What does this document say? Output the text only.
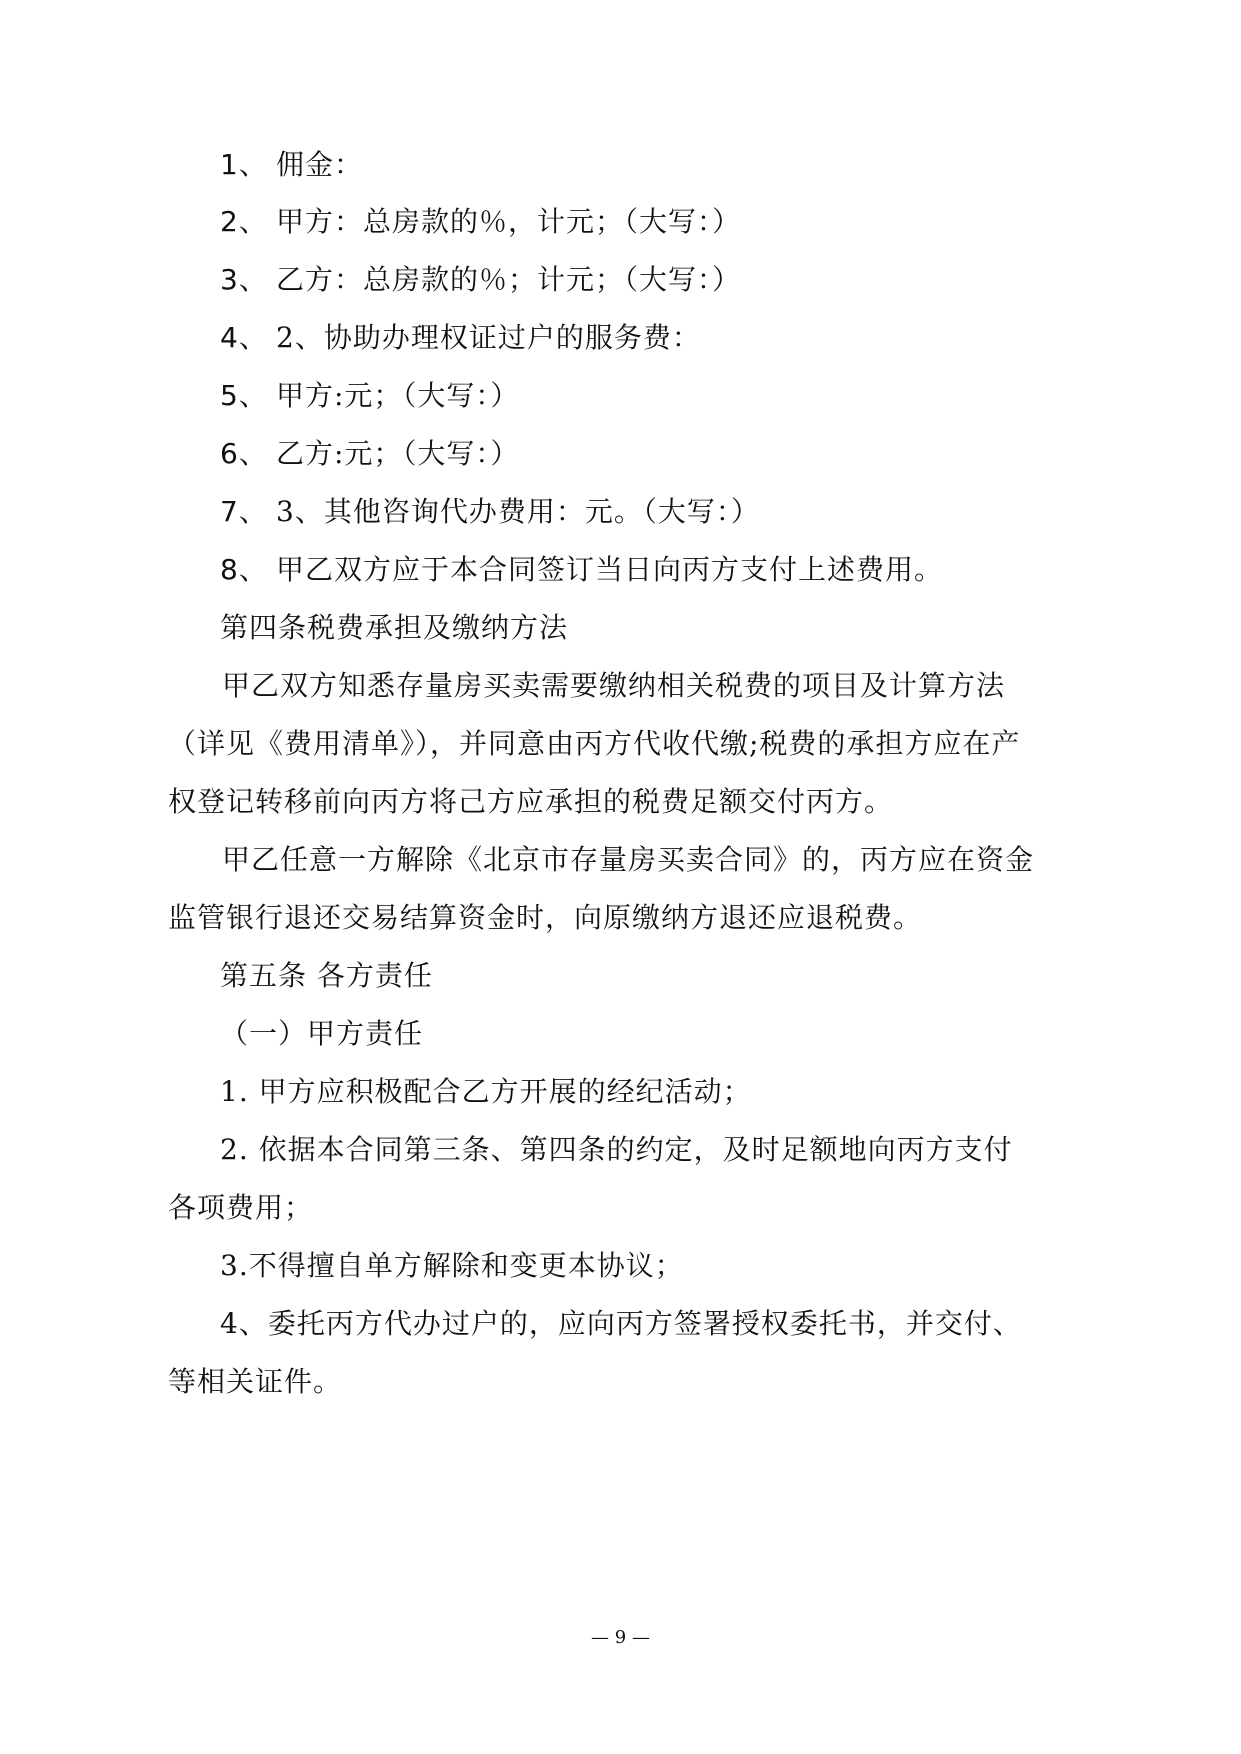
1、 佣金：
2、 甲方：总房款的％，计元；（大写：）
3、 乙方：总房款的％；计元；（大写：）
4、 2、协助办理权证过户的服务费：
5、 甲方:元；（大写：）
6、 乙方:元；（大写：）
7、 3、其他咨询代办费用：元。（大写：）
8、 甲乙双方应于本合同签订当日向丙方支付上述费用。
第四条税费承担及缴纳方法
甲乙双方知悉存量房买卖需要缴纳相关税费的项目及计算方法
（详见《费用清单》），并同意由丙方代收代缴;税费的承担方应在产
权登记转移前向丙方将己方应承担的税费足额交付丙方。
甲乙任意一方解除《北京市存量房买卖合同》的，丙方应在资金
监管银行退还交易结算资金时，向原缴纳方退还应退税费。
第五条 各方责任
（一）甲方责任
1. 甲方应积极配合乙方开展的经纪活动；
2. 依据本合同第三条、第四条的约定，及时足额地向丙方支付
各项费用；
3.不得擅自单方解除和变更本协议；
4、委托丙方代办过户的，应向丙方签署授权委托书，并交付、
等相关证件。
— 9 —
